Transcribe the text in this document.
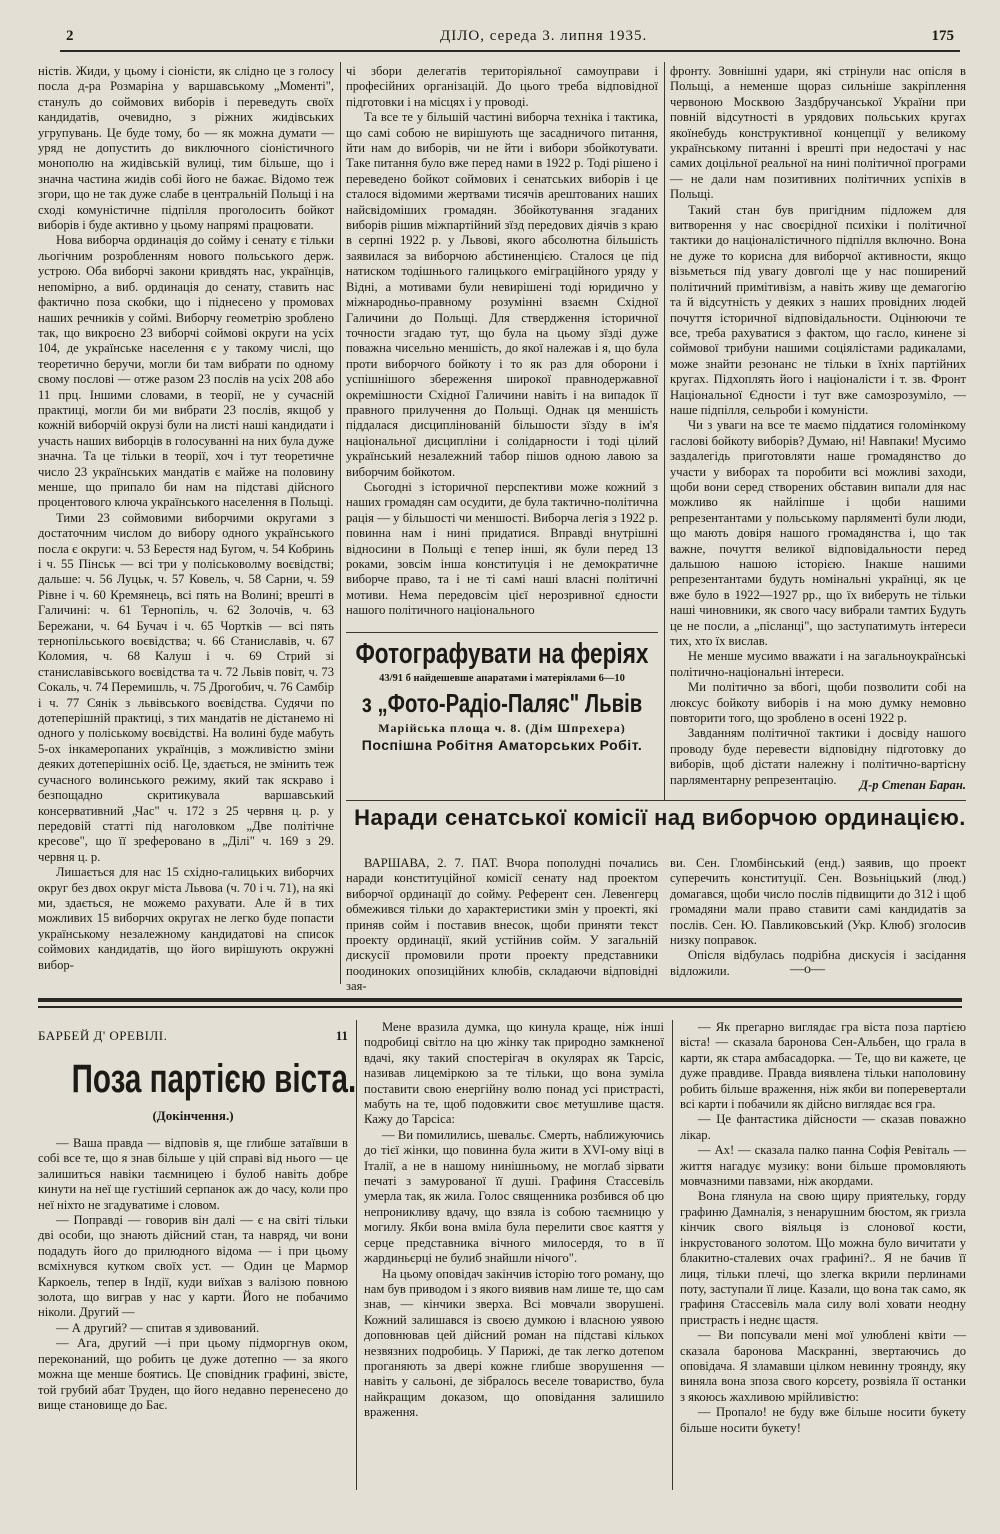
2	ДІЛО, середа 3. липня 1935.	175

ністів. Жиди, у цьому і сіоністи, як слідно це з голосу посла д-ра Розмаріна у варшавському „Моменті", станулъ до соймових виборів і переведуть своїх кандидатів, очевидно, з ріжних жидівських угрупувань. Це буде тому, бо — як можна думати — уряд не допустить до виключного сіоністичного монополю на жидівській вулиці, тим більше, що і значна частина жидів собі його не бажає. Відомо теж згори, що не так дуже слабе в центральній Польщі і на сході комуністичне підпілля проголосить бойкот виборів і буде активно у цьому напрямі працювати.

Нова виборча ординація до сойму і сенату є тільки льогічним розробленням нового польського держ. устрою. Оба виборчі закони кривдять нас, українців, непомірно, а виб. ординація до сенату, ставить нас фактично поза скобки, що і піднесено у промовах наших речників у соймі. Виборчу геометрію зроблено так, що викроєно 23 виборчі соймові округи на усіх 104, де українське населення є у такому числі, що теоретично беручи, могли би там вибрати по одному свому послові — отже разом 23 послів на усіх 208 або 11 прц. Іншими словами, в теорії, не у сучасній практиці, могли би ми вибрати 23 послів, якщоб у кожній виборчій окрузі були на листі наші кандидати і участь наших виборців в голосуванні на них була дуже значна. Та це тільки в теорії, хоч і тут теоретичне число 23 українських мандатів є майже на половину менше, що припало би нам на підставі дійсного процентового ключа українського населення в Польщі.

Тими 23 соймовими виборчими округами з достаточним числом до вибору одного українського посла є округи: ч. 53 Берестя над Бугом, ч. 54 Кобринь і ч. 55 Пінськ — всі три у поліськоволму воєвідстві; дальше: ч. 56 Луцьк, ч. 57 Ковель, ч. 58 Сарни, ч. 59 Рівне і ч. 60 Кремянець, всі пять на Волині; врешті в Галичині: ч. 61 Тернопіль, ч. 62 Золочів, ч. 63 Бережани, ч. 64 Бучач і ч. 65 Чортків — всі пять тернопільського воєвідства; ч. 66 Станиславів, ч. 67 Коломия, ч. 68 Калуш і ч. 69 Стрий зі станиславівського воєвідства та ч. 72 Львів повіт, ч. 73 Сокаль, ч. 74 Перемишль, ч. 75 Дрогобич, ч. 76 Самбір і ч. 77 Сянік з львівського воєвідства. Судячи по дотеперішній практиці, з тих мандатів не дістанемо ні одного у поліському воєвідстві. На волині буде мабуть 5-ох інкамеропаних українців, з можливістю зміни деяких дотеперішніх осіб. Це, здається, не змінить теж сучасного волинського режиму, який так яскраво і безпощадно скритикувала варшавський консервативний „Час" ч. 172 з 25 червня ц. р. у передовій статті під наголовком „Две політічне кресове", що її зреферовано в „Ділі" ч. 169 з 29. червня ц. р.

Лишається для нас 15 східно-галицьких виборчих округ без двох округ міста Львова (ч. 70 і ч. 71), на які ми, здається, не можемо рахувати. Але й в тих можливих 15 виборчих округах не легко буде попасти українському незалежному кандидатові на список соймових кандидатів, що його вирішують окружні вибор-

чі збори делегатів територіяльної самоуправи і професійних організацій. До цього треба відповідної підготовки і на місцях і у проводі.

Та все те у більшій частині виборча техніка і тактика, що самі собою не вирішують ще засадничого питання, йти нам до виборів, чи не йти і вибори збойкотувати. Таке питання було вже перед нами в 1922 р. Тоді рішено і переведено бойкот соймових і сенатських виборів і це сталося відомими жертвами тисячів арештованих наших найсвідоміших громадян. Збойкотування згаданих виборів рішив міжпартійний зїзд передових діячів з краю в серпні 1922 р. у Львові, якого абсолютна більшість заявилася за виборчою абстиненцією. Сталося це під натиском тодішнього галицького еміграційного уряду у Відні, а мотивами були невирішені тоді юридично у міжнародньо-правному розумінні взаємн Східної Галичини до Польщі. Для ствердження історичної точности згадаю тут, що була на цьому зїзді дуже поважна чисельно меншість, до якої належав і я, що була проти виборчого бойкоту і то як раз для оборони і успішнішого збереження широкої правнодержавної окремішности Східної Галичини навіть і на випадок її правного прилучення до Польщі. Однак ця меншість піддалася дисциплінованій більшости зїзду в ім'я національної дисципліни і солідарности і тоді цілий український незалежний табор пішов одною лавою за виборчим бойкотом.

Сьогодні з історичної перспективи може кожний з наших громадян сам осудити, де була тактично-політична рація — у більшості чи меншості. Виборча легія з 1922 р. повинна нам і нині придатися. Вправді внутрішні відносини в Польщі є тепер інші, як були перед 13 роками, зовсім інша конституція і не демократичне виборче право, та і не ті самі наші власні політичні мотиви. Нема передовсім цієї нерозривної єдности нашого політичного національного

Фотографувати на феріях
43/91 б найдешевше апаратами і матеріялами 6—10
з „Фото-Радіо-Паляс" Львів
Марійська площа ч. 8. (Дім Шпрехера)
Поспішна Робітня Аматорських Робіт.

фронту. Зовнішні удари, які стрінули нас опісля в Польщі, а неменше щораз сильніше закріплення червоною Москвою Заздбручанської України при повній відсутності в урядових польських кругах якоїнебудь конструктивної концепції у великому українському питанні і врешті при недостачі у нас самих доцільної реальної на нині політичної програми — не дали нам позитивних політичних успіхів в Польщі.

Такий стан був пригідним підложем для витворення у нас своєрідної психіки і політичної тактики до націоналістичного підпілля включно. Вона не дуже то корисна для виборчої активности, якщо візьметься під увагу довголі ще у нас поширений політичний примітивізм, а навіть живу ще демагогію та й відсутність у деяких з наших провідних людей почуття історичної відповідальности. Оцінюючи те все, треба рахуватися з фактом, що гасло, кинене зі соймової трибуни нашими соціялістами радикалами, може знайти резонанс не тільки в їхніх партійних кругах. Підхоплять його і націоналісти і т. зв. Фронт Національної Єдности і тут вже самозрозуміло, — наше підпілля, сельроби і комуністи.

Чи з уваги на все те маємо піддатися голомінкому гаслові бойкоту виборів? Думаю, ні! Навпаки! Мусимо заздалегідь приготовляти наше громадянство до участи у виборах та поробити всі можливі заходи, щоби вони серед створених обставин випали для нас можливо як найліпше і щоби нашими репрезентантами у польському парляменті були люди, що мають довіря нашого громадянства і, що так важне, почуття великої відповідальности перед дальшою нашою історією. Інакше нашими репрезентантами будуть номінальні українці, як це вже було в 1922—1927 рр., що їх виберуть не тільки наші чиновники, як свого часу вибрали тамтих Будуть це не посли, а „післанці", що заступатимуть інтереси тих, хто їх вислав.

Не менше мусимо вважати і на загальноукраїнські політично-національні інтереси.

Ми політично за вбогі, щоби позволити собі на люксус бойкоту виборів і на мою думку немовно повторити того, що зроблено в осені 1922 р.

Завданням політичної тактики і досвіду нашого проводу буде перевести відповідну підготовку до виборів, щоб дістати належну і політично-вартісну парляментарну репрезентацію.	Д-р Степан Баран.
Наради сенатської комісії над виборчою ординацією.

ВАРШАВА, 2. 7. ПАТ. Вчора пополудні почались наради конституційної комісії сенату над проектом виборчої ординації до сойму. Референт сен. Левенгерц обмежився тільки до характеристики змін у проекті, які приняв сойм і поставив внесок, щоби приняти текст проекту ординації, який устійнив сойм. У загальній дискусії промовили проти проекту представники поодиноких опозиційних клюбів, складаючи відповідні зая-

ви. Сен. Гломбінський (енд.) заявив, що проект суперечить конституції. Сен. Возьніцький (люд.) домагався, щоби число послів підвищити до 312 і щоб громадяни мали право ставити самі кандидатів за послів. Сен. Ю. Павликовський (Укр. Клюб) зголосив низку поправок.

Опісля відбулась подрібна дискусія і засідання відложили.	—o—
БАРБЕЙ Д' ОРЕВІЛІ.	11
Поза партією віста.
(Докінчення.)

— Ваша правда — відповів я, ще глибше затаївши в собі все те, що я знав більше у цій справі від нього — це залишиться навіки таємницею і булоб навіть добре кинути на неї ще густіший серпанок аж до часу, коли про неї ніхто не згадуватиме і словом.

— Поправді — говорив він далі — є на світі тільки дві особи, що знають дійсний стан, та навряд, чи вони подадуть його до прилюдного відома — і при цьому всміхнувся кутком своїх уст. — Один це Мармор Каркоель, тепер в Індії, куди виїхав з валізою повною золота, що виграв у нас у карти. Його не побачимо ніколи. Другий —

— А другий? — спитав я здивований.

— Ага, другий —і при цьому підморгнув оком, переконаний, що робить це дуже дотепно — за якого можна ще менше боятись. Це сповідник графині, звісте, той грубий абат Труден, що його недавно перенесено до вище становище до Бає.

Мене вразила думка, що кинула краще, ніж інші подробиці світло на цю жінку так природно замкненої вдачі, яку такий спостерігач в окулярах як Тарсіс, називав лицеміркою за те тільки, що вона зуміла поставити свою енергійну волю понад усі пристрасті, мабуть на те, щоб подовжити своє метушливе щастя. Кажу до Тарсіса:

— Ви помилились, шевальє. Смерть, наближуючись до тієї жінки, що повинна була жити в XVI-ому віці в Італії, а не в нашому нинішньому, не моглаб зірвати печаті з замурованої її душі. Графиня Стассевіль умерла так, як жила. Голос священника розбився об цю непроникливу вдачу, що взяла із собою таємницю у могилу. Якби вона вміла була перелити своє каяття у серце представника вічного милосердя, то в її жардиньєрці не булиб знайшли нічого".

На цьому оповідач закінчив історію того роману, що нам був приводом і з якого виявив нам лише те, що сам знав, — кінчики зверха. Всі мовчали зворушені. Кожний залишався із своєю думкою і власною уявою доповнював цей дійсний роман на підставі кількох незвязних подробиць. У Парижі, де так легко дотепом проганяють за двері кожне глибше зворушення — навіть у сальоні, де зібралось веселе товариство, була найкращим доказом, що оповідання залишило враження.

— Як прегарно виглядає гра віста поза партією віста! — сказала баронова Сен-Альбен, що грала в карти, як стара амбасадорка. — Те, що ви кажете, це дуже правдиве. Правда виявлена тільки наполовину робить більше враження, ніж якби ви поперевертали всі карти і побачили як дійсно виглядає вся гра.

— Це фантастика дійсности — сказав поважно лікар.

— Ах! — сказала палко панна Софія Ревіталь — життя нагадує музику: вони більше промовляють мовчазними павзами, ніж акордами.

Вона глянула на свою щиру приятельку, горду графиню Дамналія, з ненарушним бюстом, як гризла кінчик свого віяльця із слонової кости, інкрустованого золотом. Що можна було вичитати у блакитно-сталевих очах графині?.. Я не бачив її лиця, тільки плечі, що злегка вкрили перлинами поту, заступали її лице. Казали, що вона так само, як графиня Стассевіль мала силу волі ховати неоднy пристрасть і неднє щастя.

— Ви попсували мені мої улюблені квіти — сказала баронова Маскранні, звертаючись до оповідача. Я зламавши цілком невинну троянду, яку виняла вона зпоза свого корсету, розвіяла її останки з якоюсь жахливою мрійливістю:

— Пропало! не буду вже більше носити букету більше носити букету!
